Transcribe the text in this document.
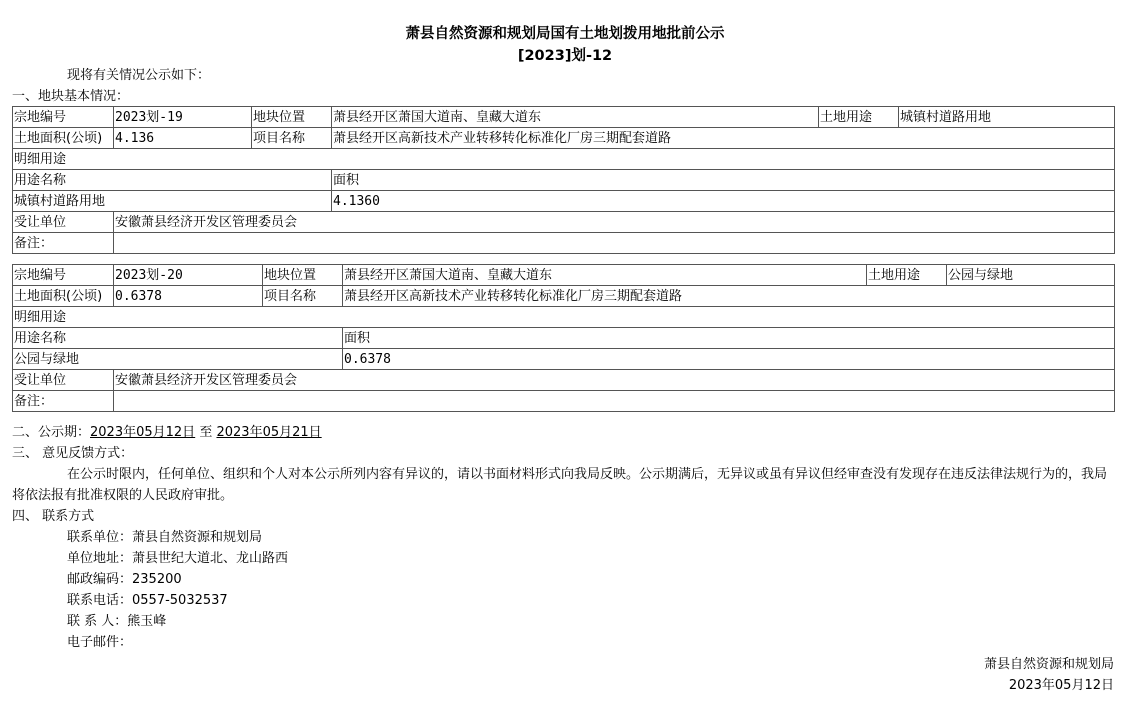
萧县自然资源和规划局国有土地划拨用地批前公示
[2023]划-12
现将有关情况公示如下：
一、地块基本情况：
宗地编号	2023划-19	地块位置	萧县经开区萧国大道南、皇藏大道东	土地用途	城镇村道路用地
土地面积(公顷)	4.136	项目名称	萧县经开区高新技术产业转移转化标准化厂房三期配套道路		
明细用途					
用途名称			面积		
城镇村道路用地			4.1360		
受让单位	安徽萧县经济开发区管理委员会				
备注：					
宗地编号	2023划-20	地块位置	萧县经开区萧国大道南、皇藏大道东	土地用途	公园与绿地
土地面积(公顷)	0.6378	项目名称	萧县经开区高新技术产业转移转化标准化厂房三期配套道路		
明细用途					
用途名称			面积		
公园与绿地			0.6378		
受让单位	安徽萧县经济开发区管理委员会				
备注：					
二、公示期：2023年05月12日 至 2023年05月21日
三、 意见反馈方式：
在公示时限内，任何单位、组织和个人对本公示所列内容有异议的，请以书面材料形式向我局反映。公示期满后，无异议或虽有异议但经审查没有发现存在违反法律法规行为的，我局将依法报有批准权限的人民政府审批。
四、 联系方式
联系单位：萧县自然资源和规划局
单位地址：萧县世纪大道北、龙山路西
邮政编码：235200
联系电话：0557-5032537
联 系 人：熊玉峰
电子邮件：
萧县自然资源和规划局
2023年05月12日
